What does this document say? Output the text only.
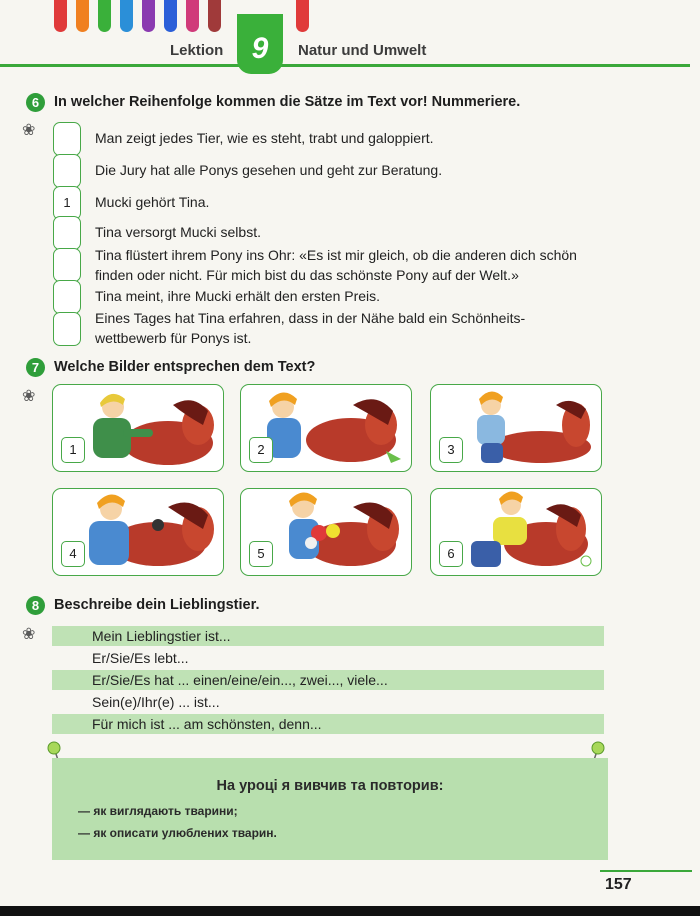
Lektion 9	Natur und Umwelt
6	In welcher Reihenfolge kommen die Sätze im Text vor! Nummeriere.
❀	Man zeigt jedes Tier, wie es steht, trabt und galoppiert.
Die Jury hat alle Ponys gesehen und geht zur Beratung.
1	Mucki gehört Tina.
Tina versorgt Mucki selbst.
Tina flüstert ihrem Pony ins Ohr: «Es ist mir gleich, ob die anderen dich schön finden oder nicht. Für mich bist du das schönste Pony auf der Welt.»
Tina meint, ihre Mucki erhält den ersten Preis.
Eines Tages hat Tina erfahren, dass in der Nähe bald ein Schönheits-wettbewerb für Ponys ist.
7	Welche Bilder entsprechen dem Text?
❀
1	2	3
4	5	6
8	Beschreibe dein Lieblingstier.
❀	Mein Lieblingstier ist...
Er/Sie/Es lebt...
Er/Sie/Es hat ... einen/eine/ein..., zwei..., viele...
Sein(e)/Ihr(e) ... ist...
Für mich ist ... am schönsten, denn...
На уроці я вивчив та повторив:
— як виглядають тварини;
— як описати улюблених тварин.
157
